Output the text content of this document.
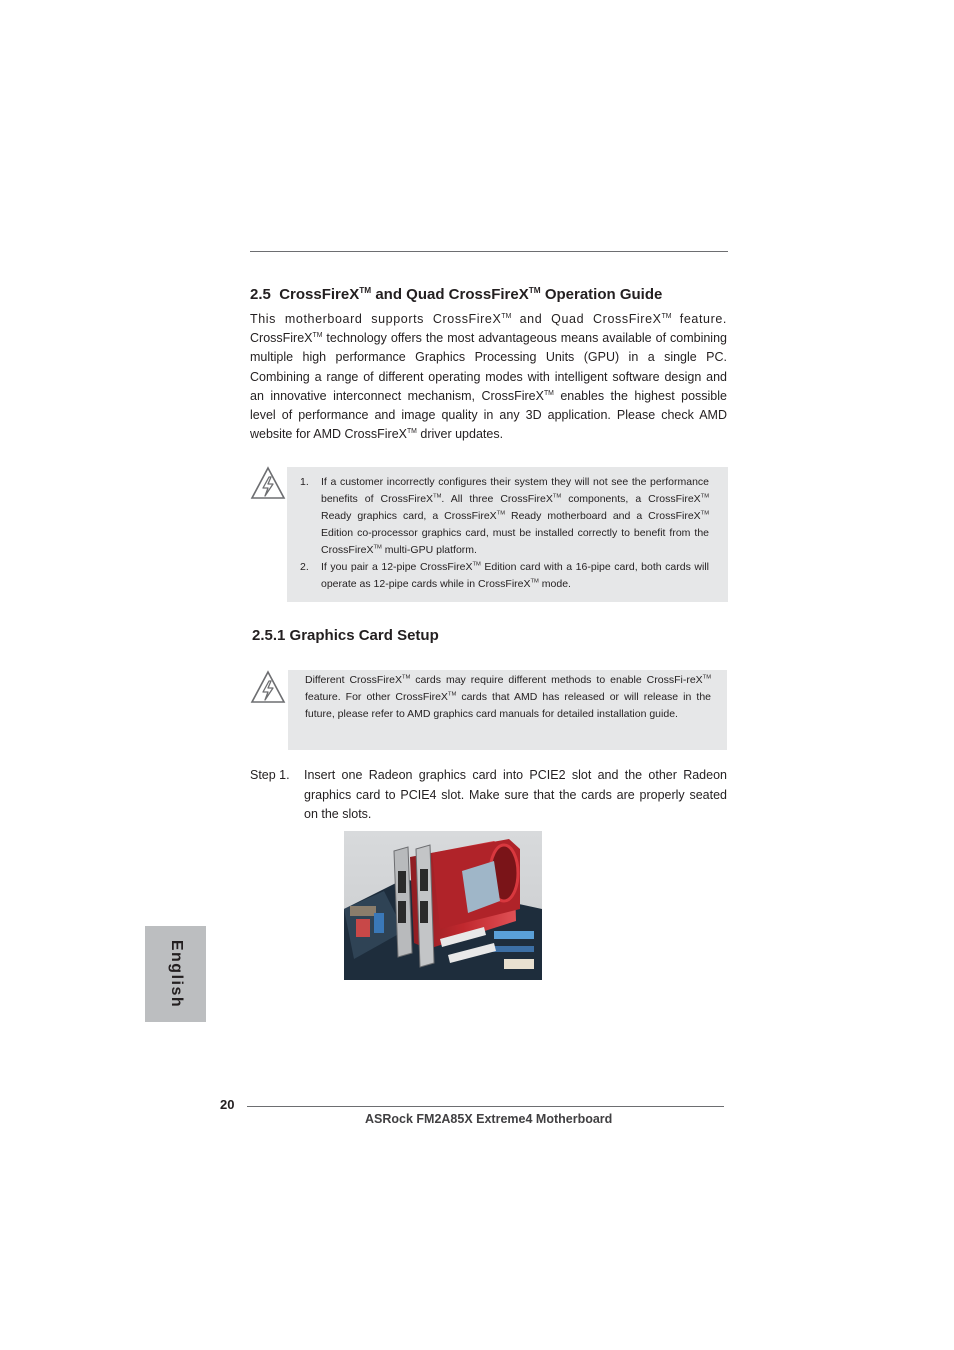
2.5 CrossFireX™ and Quad CrossFireX™ Operation Guide
This motherboard supports CrossFireX™ and Quad CrossFireX™ feature. CrossFireX™ technology offers the most advantageous means available of combining multiple high performance Graphics Processing Units (GPU) in a single PC. Combining a range of different operating modes with intelligent software design and an innovative interconnect mechanism, CrossFireX™ enables the highest possible level of performance and image quality in any 3D application. Please check AMD website for AMD CrossFireX™ driver updates.
1.	If a customer incorrectly configures their system they will not see the performance benefits of CrossFireX™. All three CrossFireX™ components, a CrossFireX™ Ready graphics card, a CrossFireX™ Ready motherboard and a CrossFireX™ Edition co-processor graphics card, must be installed correctly to benefit from the CrossFireX™ multi-GPU platform.
2.	If you pair a 12-pipe CrossFireX™ Edition card with a 16-pipe card, both cards will operate as 12-pipe cards while in CrossFireX™ mode.
2.5.1 Graphics Card Setup
Different CrossFireX™ cards may require different methods to enable CrossFi-reX™ feature. For other CrossFireX™ cards that AMD has released or will release in the future, please refer to AMD graphics card manuals for detailed installation guide.
Step 1. Insert one Radeon graphics card into PCIE2 slot and the other Radeon graphics card to PCIE4 slot. Make sure that the cards are properly seated on the slots.
English
20
ASRock FM2A85X Extreme4 Motherboard
